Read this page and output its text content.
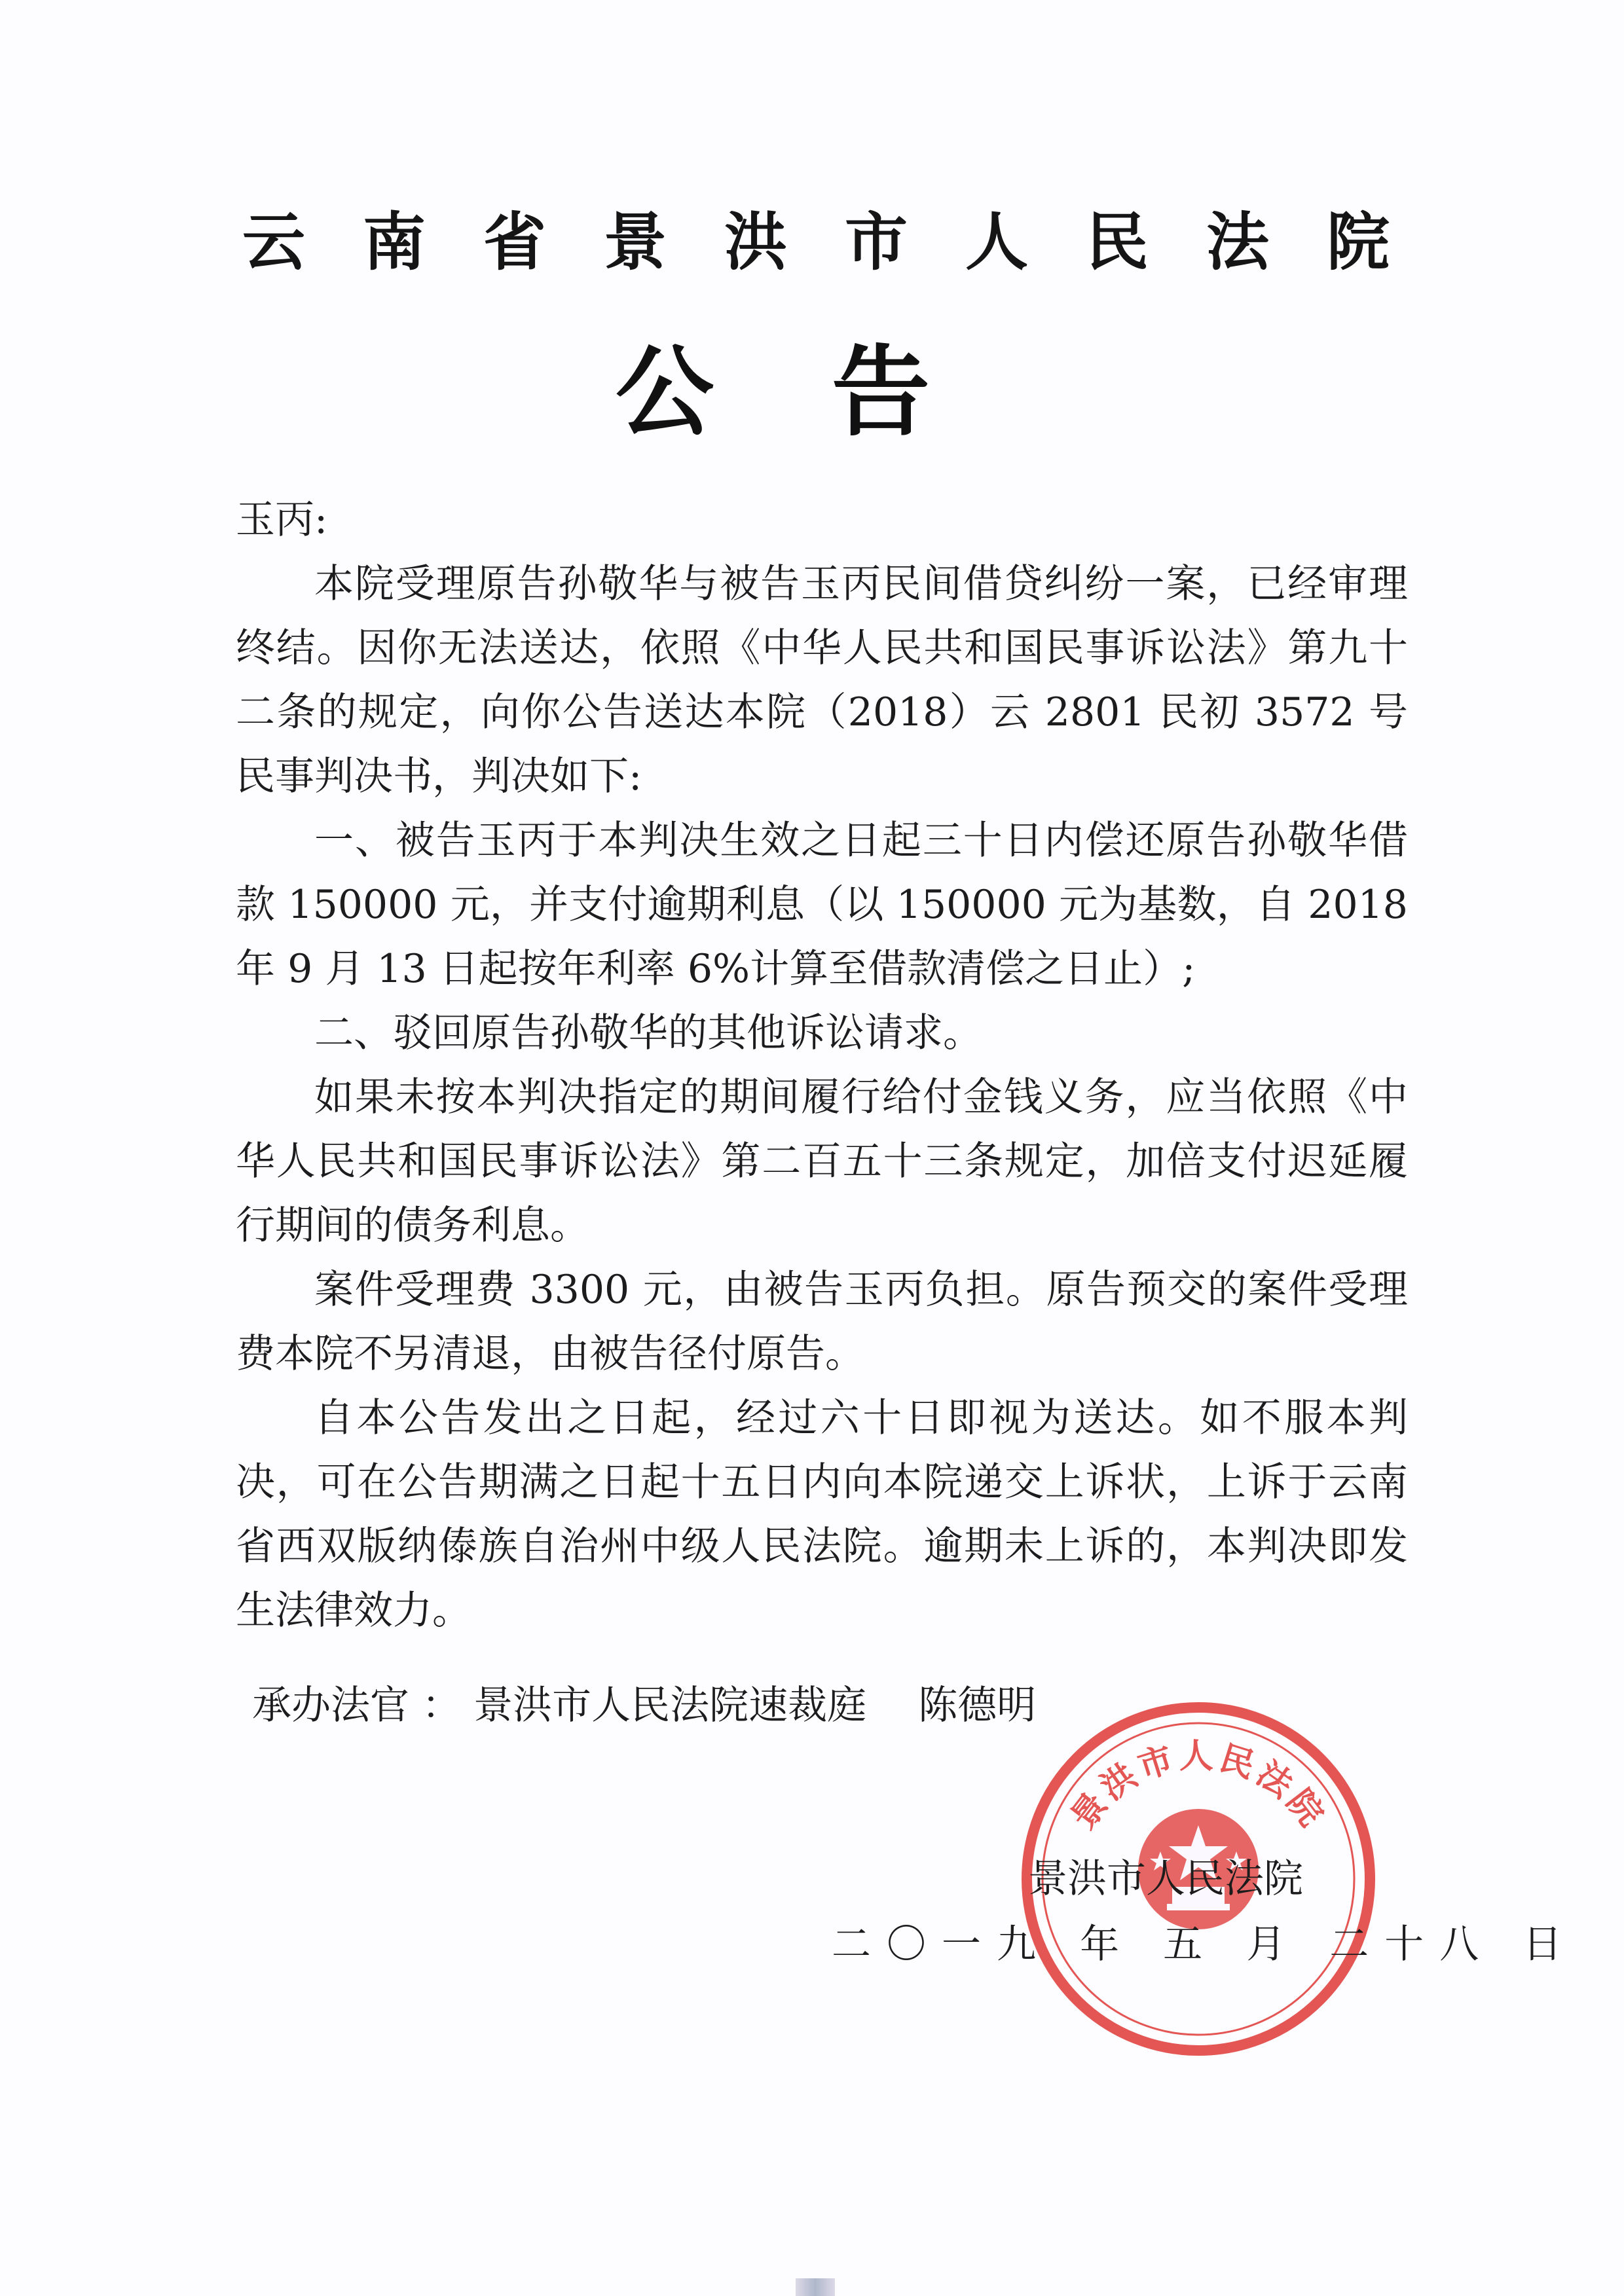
云南省景洪市人民法院
公告

玉丙:

本院受理原告孙敬华与被告玉丙民间借贷纠纷一案，已经审理终结。因你无法送达，依照《中华人民共和国民事诉讼法》第九十二条的规定，向你公告送达本院（2018）云 2801 民初 3572 号民事判决书，判决如下:

一、被告玉丙于本判决生效之日起三十日内偿还原告孙敬华借款 150000 元，并支付逾期利息（以 150000 元为基数，自 2018 年 9 月 13 日起按年利率 6%计算至借款清偿之日止）;

二、驳回原告孙敬华的其他诉讼请求。

如果未按本判决指定的期间履行给付金钱义务，应当依照《中华人民共和国民事诉讼法》第二百五十三条规定，加倍支付迟延履行期间的债务利息。

案件受理费 3300 元，由被告玉丙负担。原告预交的案件受理费本院不另清退，由被告径付原告。

自本公告发出之日起，经过六十日即视为送达。如不服本判决，可在公告期满之日起十五日内向本院递交上诉状，上诉于云南省西双版纳傣族自治州中级人民法院。逾期未上诉的，本判决即发生法律效力。

承办法官 ： 景洪市人民法院速裁庭 陈德明
景洪市人民法院
景洪市人民法院
二〇一九 年 五 月 二十八 日
